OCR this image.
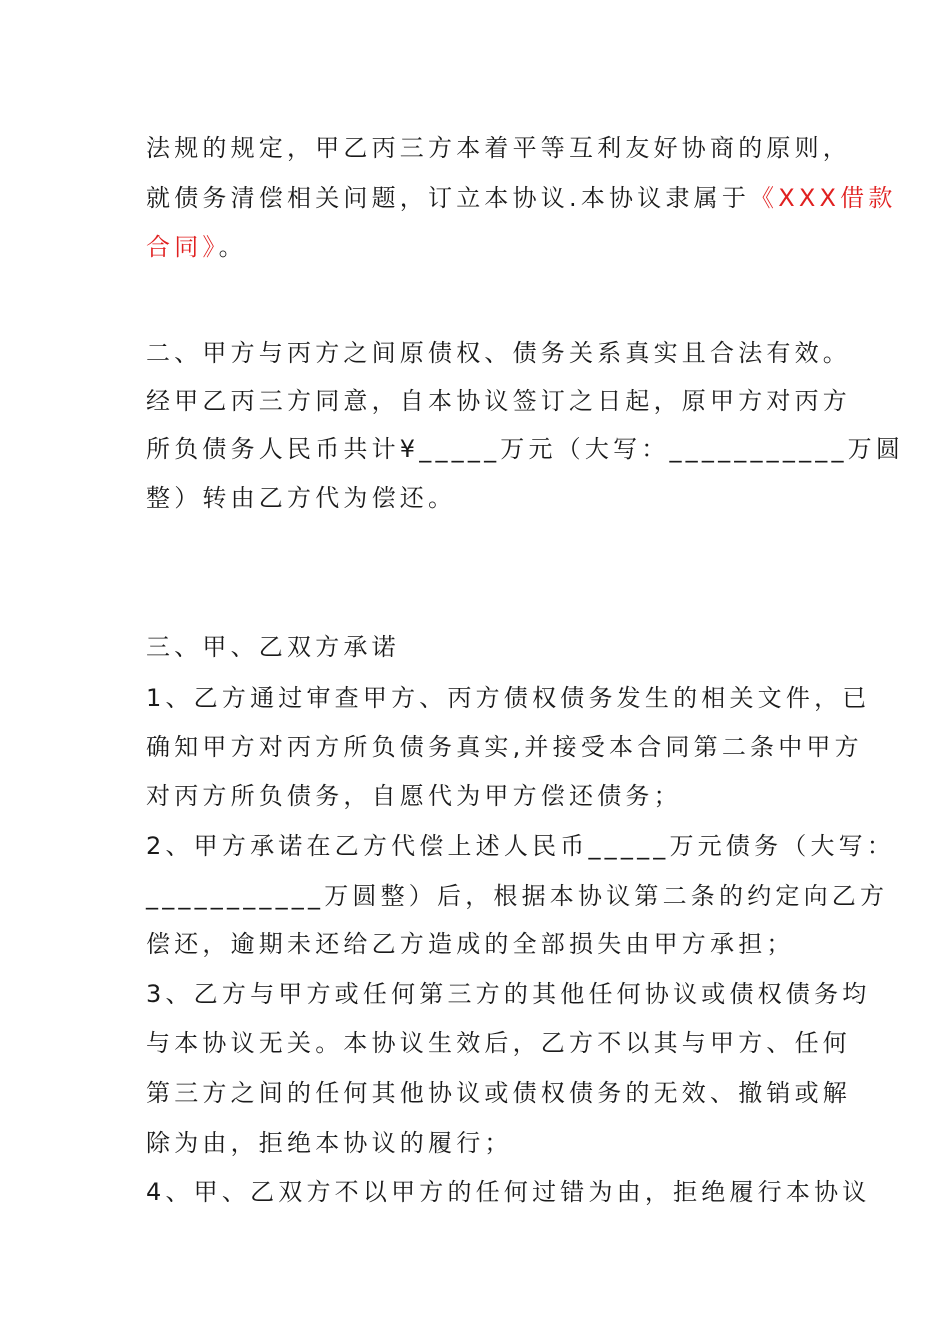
法规的规定，甲乙丙三方本着平等互利友好协商的原则，
就债务清偿相关问题，订立本协议.本协议隶属于《XXX借款
合同》。
二、甲方与丙方之间原债权、债务关系真实且合法有效。
经甲乙丙三方同意，自本协议签订之日起，原甲方对丙方
所负债务人民币共计¥_____万元（大写：___________万圆
整）转由乙方代为偿还。
三、甲、乙双方承诺
1、乙方通过审查甲方、丙方债权债务发生的相关文件，已
确知甲方对丙方所负债务真实,并接受本合同第二条中甲方
对丙方所负债务，自愿代为甲方偿还债务；
2、甲方承诺在乙方代偿上述人民币_____万元债务（大写：
___________万圆整）后，根据本协议第二条的约定向乙方
偿还，逾期未还给乙方造成的全部损失由甲方承担；
3、乙方与甲方或任何第三方的其他任何协议或债权债务均
与本协议无关。本协议生效后，乙方不以其与甲方、任何
第三方之间的任何其他协议或债权债务的无效、撤销或解
除为由，拒绝本协议的履行；
4、甲、乙双方不以甲方的任何过错为由，拒绝履行本协议
